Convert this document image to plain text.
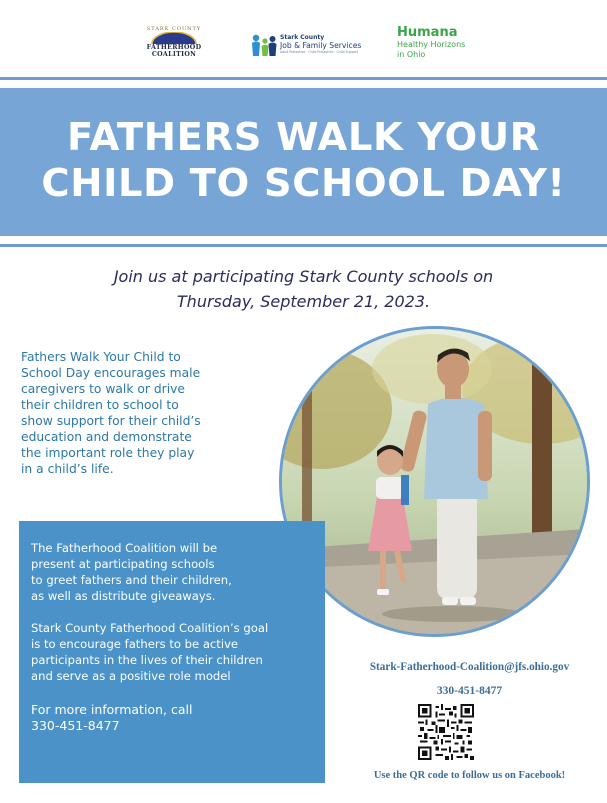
STARK COUNTY
FATHERHOOD
COALITION
Stark County
Job & Family Services
Adult Protective · Child Protective · Child Support
Humana
Healthy Horizons
in Ohio
FATHERS WALK YOUR
CHILD TO SCHOOL DAY!
Join us at participating Stark County schools on
Thursday, September 21, 2023.
Fathers Walk Your Child to
School Day encourages male
caregivers to walk or drive
their children to school to
show support for their child’s
education and demonstrate
the important role they play
in a child’s life.
The Fatherhood Coalition will be
present at participating schools
to greet fathers and their children,
as well as distribute giveaways.
Stark County Fatherhood Coalition’s goal
is to encourage fathers to be active
participants in the lives of their children
and serve as a positive role model
For more information, call
330-451-8477
Stark-Fatherhood-Coalition@jfs.ohio.gov
330-451-8477
Use the QR code to follow us on Facebook!
